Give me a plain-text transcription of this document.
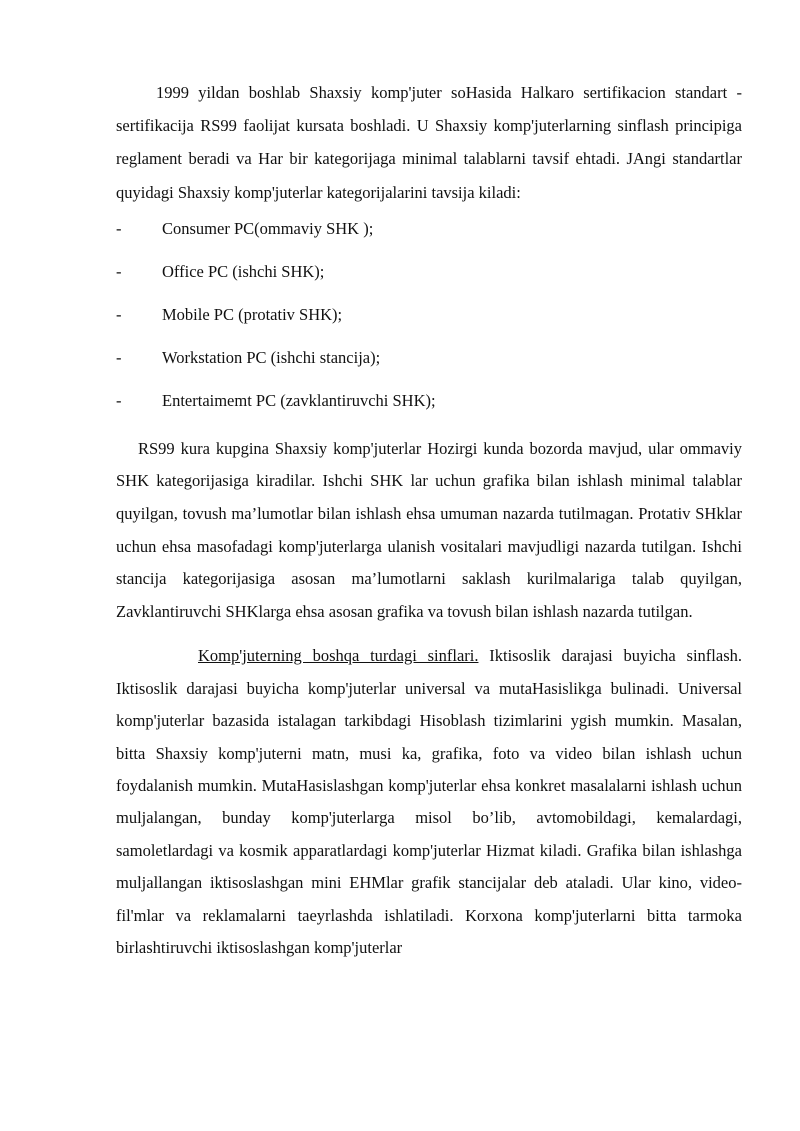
1999 yildan boshlab Shaxsiy komp'juter soHasida Halkaro sertifikacion standart - sertifikacija RS99 faolijat kursata boshladi. U Shaxsiy komp'juterlarning sinflash principiga reglament beradi va Har bir kategorijaga minimal talablarni tavsif ehtadi. JAngi standartlar quyidagi Shaxsiy komp'juterlar kategorijalarini tavsija kiladi:

- Consumer PC(ommaviy SHK );
- Office PC (ishchi SHK);
- Mobile PC (protativ SHK);
- Workstation PC (ishchi stancija);
- Entertaimemt PC (zavklantiruvchi SHK);

RS99 kura kupgina Shaxsiy komp'juterlar Hozirgi kunda bozorda mavjud, ular ommaviy SHK kategorijasiga kiradilar. Ishchi SHK lar uchun grafika bilan ishlash minimal talablar quyilgan, tovush ma’lumotlar bilan ishlash ehsa umuman nazarda tutilmagan. Protativ SHklar uchun ehsa masofadagi komp'juterlarga ulanish vositalari mavjudligi nazarda tutilgan. Ishchi stancija kategorijasiga asosan ma’lumotlarni saklash kurilmalariga talab quyilgan, Zavklantiruvchi SHKlarga ehsa asosan grafika va tovush bilan ishlash nazarda tutilgan.

Komp'juterning boshqa turdagi sinflari. Iktisoslik darajasi buyicha sinflash. Iktisoslik darajasi buyicha komp'juterlar universal va mutaHasislikga bulinadi. Universal komp'juterlar bazasida istalagan tarkibdagi Hisoblash tizimlarini ygish mumkin. Masalan, bitta Shaxsiy komp'juterni matn, musi ka, grafika, foto va video bilan ishlash uchun foydalanish mumkin. MutaHasislashgan komp'juterlar ehsa konkret masalalarni ishlash uchun muljalangan, bunday komp'juterlarga misol bo’lib, avtomobildagi, kemalardagi, samoletlardagi va kosmik apparatlardagi komp'juterlar Hizmat kiladi. Grafika bilan ishlashga muljallangan iktisoslashgan mini EHMlar grafik stancijalar deb ataladi. Ular kino, video-fil'mlar va reklamalarni taeyrlashda ishlatiladi. Korxona komp'juterlarni bitta tarmoka birlashtiruvchi iktisoslashgan komp'juterlar
